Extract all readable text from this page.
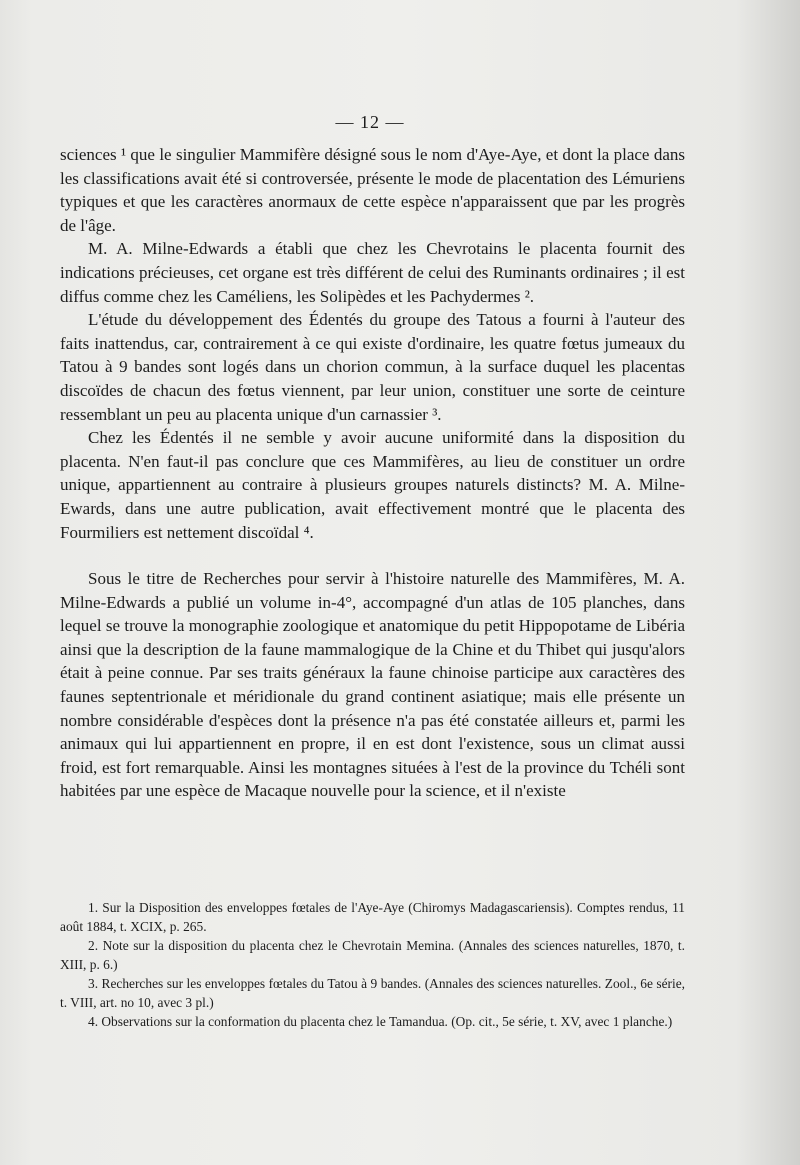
— 12 —

sciences ¹ que le singulier Mammifère désigné sous le nom d'Aye-Aye, et dont la place dans les classifications avait été si controversée, présente le mode de placentation des Lémuriens typiques et que les caractères anormaux de cette espèce n'apparaissent que par les progrès de l'âge.

M. A. Milne-Edwards a établi que chez les Chevrotains le placenta fournit des indications précieuses, cet organe est très différent de celui des Ruminants ordinaires ; il est diffus comme chez les Caméliens, les Solipèdes et les Pachydermes ².

L'étude du développement des Édentés du groupe des Tatous a fourni à l'auteur des faits inattendus, car, contrairement à ce qui existe d'ordinaire, les quatre fœtus jumeaux du Tatou à 9 bandes sont logés dans un chorion commun, à la surface duquel les placentas discoïdes de chacun des fœtus viennent, par leur union, constituer une sorte de ceinture ressemblant un peu au placenta unique d'un carnassier ³.

Chez les Édentés il ne semble y avoir aucune uniformité dans la disposition du placenta. N'en faut-il pas conclure que ces Mammifères, au lieu de constituer un ordre unique, appartiennent au contraire à plusieurs groupes naturels distincts? M. A. Milne-Ewards, dans une autre publication, avait effectivement montré que le placenta des Fourmiliers est nettement discoïdal ⁴.

Sous le titre de Recherches pour servir à l'histoire naturelle des Mammifères, M. A. Milne-Edwards a publié un volume in-4°, accompagné d'un atlas de 105 planches, dans lequel se trouve la monographie zoologique et anatomique du petit Hippopotame de Libéria ainsi que la description de la faune mammalogique de la Chine et du Thibet qui jusqu'alors était à peine connue. Par ses traits généraux la faune chinoise participe aux caractères des faunes septentrionale et méridionale du grand continent asiatique; mais elle présente un nombre considérable d'espèces dont la présence n'a pas été constatée ailleurs et, parmi les animaux qui lui appartiennent en propre, il en est dont l'existence, sous un climat aussi froid, est fort remarquable. Ainsi les montagnes situées à l'est de la province du Tchéli sont habitées par une espèce de Macaque nouvelle pour la science, et il n'existe

1. Sur la Disposition des enveloppes fœtales de l'Aye-Aye (Chiromys Madagascariensis). Comptes rendus, 11 août 1884, t. XCIX, p. 265.

2. Note sur la disposition du placenta chez le Chevrotain Memina. (Annales des sciences naturelles, 1870, t. XIII, p. 6.)

3. Recherches sur les enveloppes fœtales du Tatou à 9 bandes. (Annales des sciences naturelles. Zool., 6e série, t. VIII, art. no 10, avec 3 pl.)

4. Observations sur la conformation du placenta chez le Tamandua. (Op. cit., 5e série, t. XV, avec 1 planche.)
